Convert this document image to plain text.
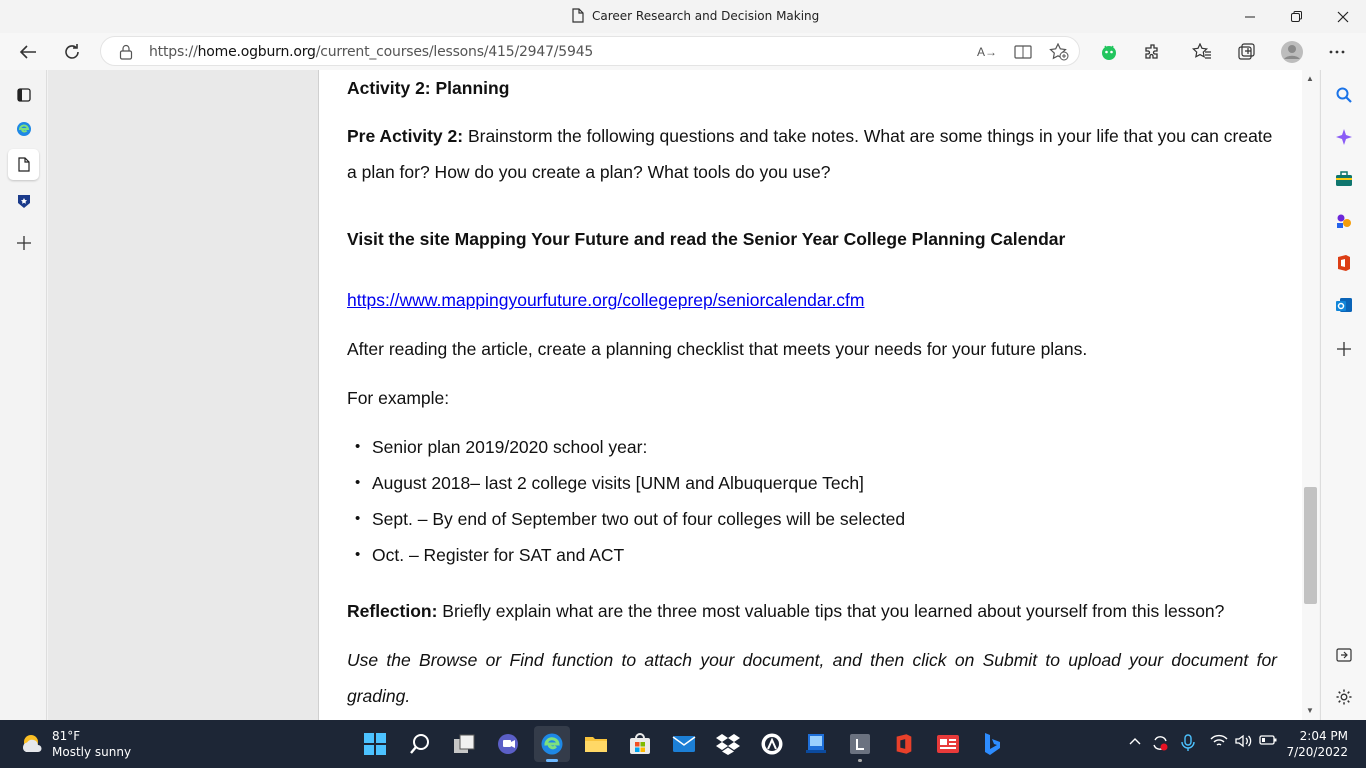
Career Research and Decision Making
https://home.ogburn.org/current_courses/lessons/415/2947/5945	A→

Activity 2: Planning

Pre Activity 2: Brainstorm the following questions and take notes. What are some things in your life that you can create a plan for? How do you create a plan? What tools do you use?

Visit the site Mapping Your Future and read the Senior Year College Planning Calendar

https://www.mappingyourfuture.org/collegeprep/seniorcalendar.cfm

After reading the article, create a planning checklist that meets your needs for your future plans.

For example:

• Senior plan 2019/2020 school year:
• August 2018– last 2 college visits [UNM and Albuquerque Tech]
• Sept. – By end of September two out of four colleges will be selected
• Oct. – Register for SAT and ACT

Reflection: Briefly explain what are the three most valuable tips that you learned about yourself from this lesson?

Use the Browse or Find function to attach your document, and then click on Submit to upload your document for grading.

▲
▼
81°F
Mostly sunny
2:04 PM
7/20/2022
